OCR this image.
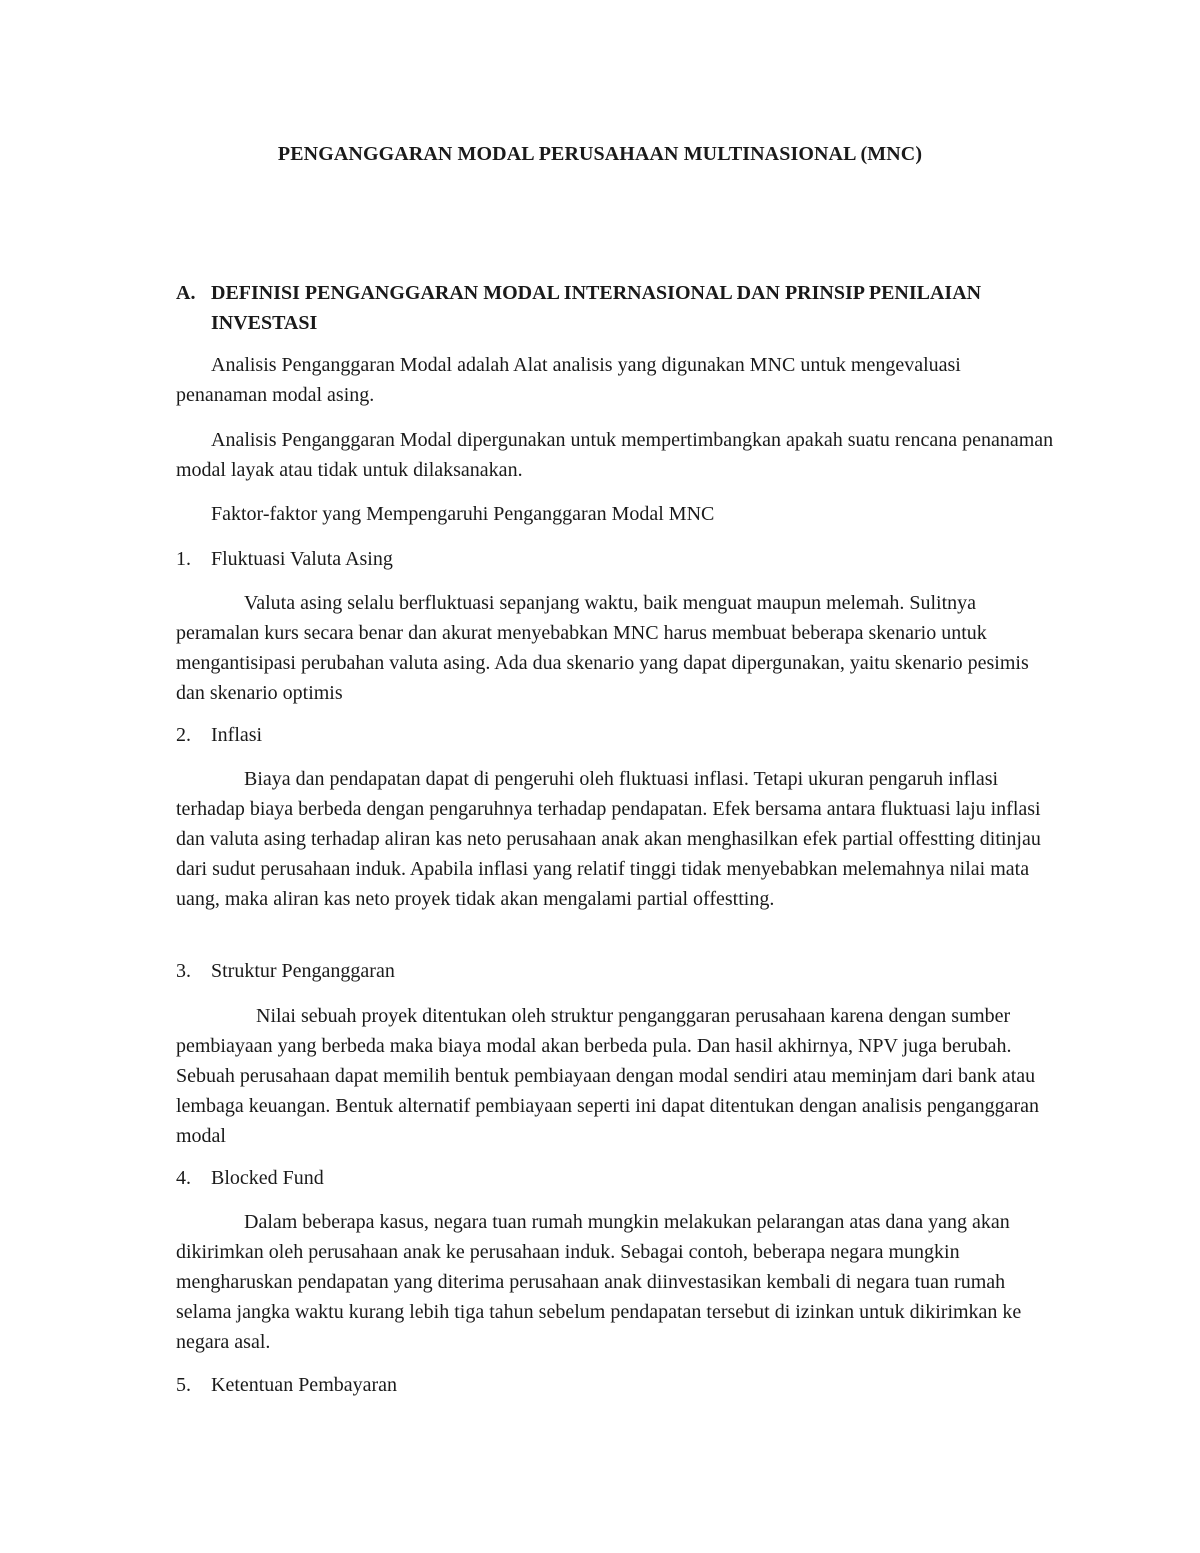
PENGANGGARAN MODAL PERUSAHAAN MULTINASIONAL (MNC)
A. DEFINISI PENGANGGARAN MODAL INTERNASIONAL DAN PRINSIP PENILAIAN INVESTASI
Analisis Penganggaran Modal adalah Alat analisis yang digunakan MNC untuk mengevaluasi penanaman modal asing.
Analisis Penganggaran Modal dipergunakan untuk mempertimbangkan apakah suatu rencana penanaman modal layak atau tidak untuk dilaksanakan.
Faktor-faktor yang Mempengaruhi Penganggaran Modal MNC
1. Fluktuasi Valuta Asing
Valuta asing selalu berfluktuasi sepanjang waktu, baik menguat maupun melemah. Sulitnya peramalan kurs secara benar dan akurat menyebabkan MNC harus membuat beberapa skenario untuk mengantisipasi perubahan valuta asing. Ada dua skenario yang dapat dipergunakan, yaitu skenario pesimis dan skenario optimis
2. Inflasi
Biaya dan pendapatan dapat di pengeruhi oleh fluktuasi inflasi. Tetapi ukuran pengaruh inflasi terhadap biaya berbeda dengan pengaruhnya terhadap pendapatan. Efek bersama antara fluktuasi laju inflasi dan valuta asing terhadap aliran kas neto perusahaan anak akan menghasilkan efek partial offestting ditinjau dari sudut perusahaan induk. Apabila inflasi yang relatif tinggi tidak menyebabkan melemahnya nilai mata uang, maka aliran kas neto proyek tidak akan mengalami partial offestting.
3. Struktur Penganggaran
Nilai sebuah proyek ditentukan oleh struktur penganggaran perusahaan karena dengan sumber pembiayaan yang berbeda maka biaya modal akan berbeda pula. Dan hasil akhirnya, NPV juga berubah. Sebuah perusahaan dapat memilih bentuk pembiayaan dengan modal sendiri atau meminjam dari bank atau lembaga keuangan. Bentuk alternatif pembiayaan seperti ini dapat ditentukan dengan analisis penganggaran modal
4. Blocked Fund
Dalam beberapa kasus, negara tuan rumah mungkin melakukan pelarangan atas dana yang akan dikirimkan oleh perusahaan anak ke perusahaan induk. Sebagai contoh, beberapa negara mungkin mengharuskan pendapatan yang diterima perusahaan anak diinvestasikan kembali di negara tuan rumah selama jangka waktu kurang lebih tiga tahun sebelum pendapatan tersebut di izinkan untuk dikirimkan ke negara asal.
5. Ketentuan Pembayaran
